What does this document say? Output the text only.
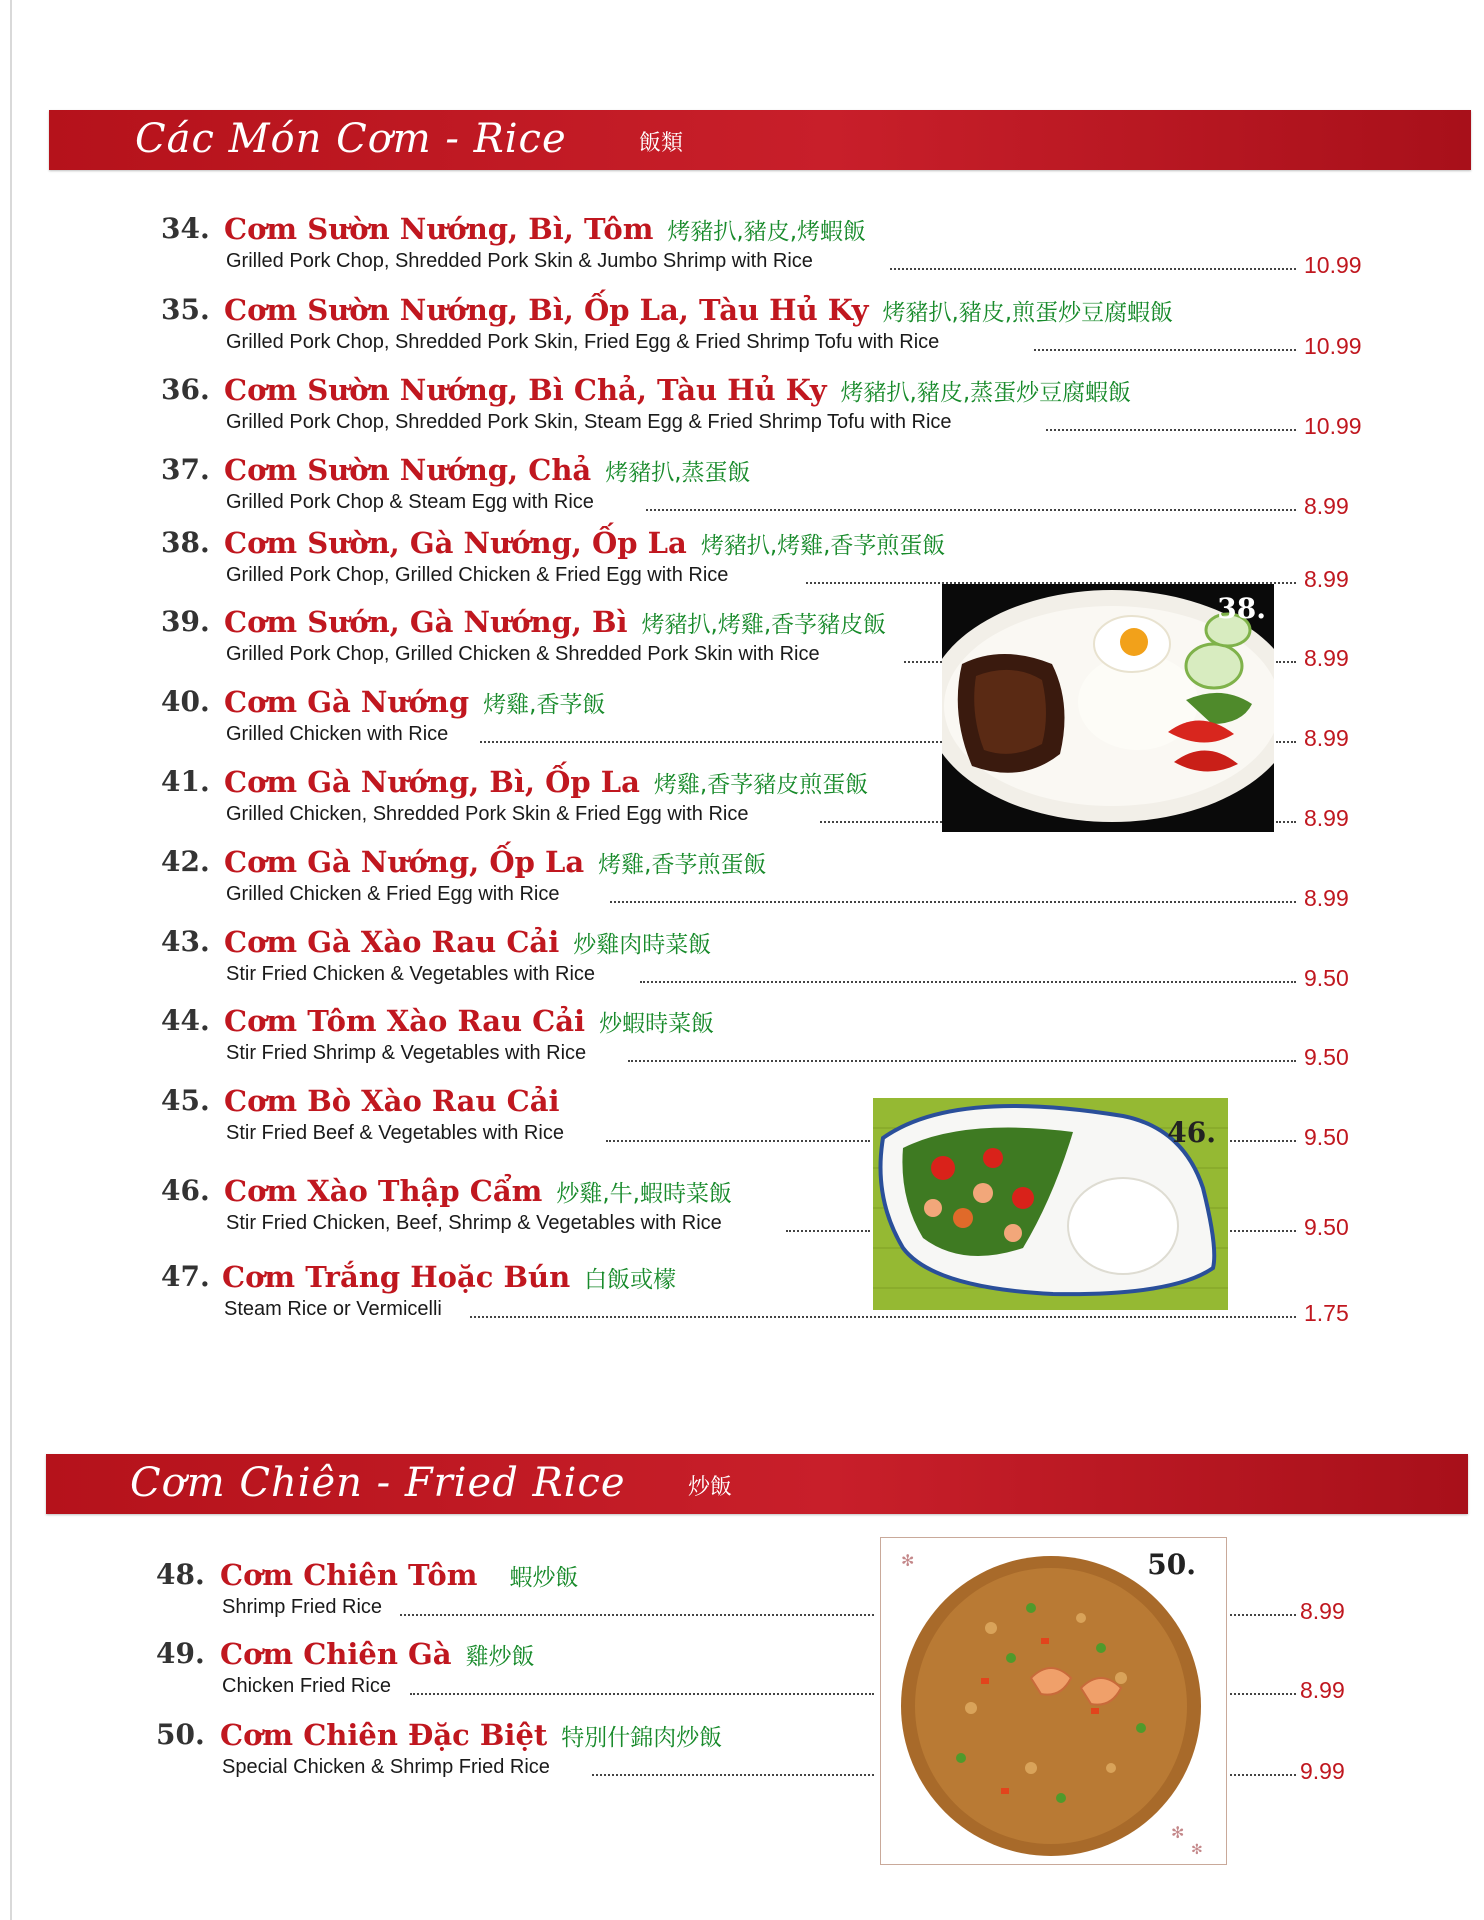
Các Món Cơm - Rice	飯類
Cơm Chiên - Fried Rice	炒飯
34. Cơm Sườn Nướng, Bì, Tôm 烤豬扒,豬皮,烤蝦飯
Grilled Pork Chop, Shredded Pork Skin & Jumbo Shrimp with Rice	10.99
35. Cơm Sườn Nướng, Bì, Ốp La, Tàu Hủ Ky 烤豬扒,豬皮,煎蛋炒豆腐蝦飯
Grilled Pork Chop, Shredded Pork Skin, Fried Egg & Fried Shrimp Tofu with Rice	10.99
36. Cơm Sườn Nướng, Bì Chả, Tàu Hủ Ky 烤豬扒,豬皮,蒸蛋炒豆腐蝦飯
Grilled Pork Chop, Shredded Pork Skin, Steam Egg & Fried Shrimp Tofu with Rice	10.99
37. Cơm Sườn Nướng, Chả 烤豬扒,蒸蛋飯
Grilled Pork Chop & Steam Egg with Rice	8.99
38. Cơm Sườn, Gà Nướng, Ốp La 烤豬扒,烤雞,香芧煎蛋飯
Grilled Pork Chop, Grilled Chicken & Fried Egg with Rice	8.99
39. Cơm Sướn, Gà Nướng, Bì 烤豬扒,烤雞,香芧豬皮飯
Grilled Pork Chop, Grilled Chicken & Shredded Pork Skin with Rice	8.99
40. Cơm Gà Nướng 烤雞,香芧飯
Grilled Chicken with Rice	8.99
41. Cơm Gà Nướng, Bì, Ốp La 烤雞,香芧豬皮煎蛋飯
Grilled Chicken, Shredded Pork Skin & Fried Egg with Rice	8.99
42. Cơm Gà Nướng, Ốp La 烤雞,香芧煎蛋飯
Grilled Chicken & Fried Egg with Rice	8.99
43. Cơm Gà Xào Rau Cải 炒雞肉時菜飯
Stir Fried Chicken & Vegetables with Rice	9.50
44. Cơm Tôm Xào Rau Cải 炒蝦時菜飯
Stir Fried Shrimp & Vegetables with Rice	9.50
45. Cơm Bò Xào Rau Cải
Stir Fried Beef & Vegetables with Rice	9.50
46. Cơm Xào Thập Cẩm 炒雞,牛,蝦時菜飯
Stir Fried Chicken, Beef, Shrimp & Vegetables with Rice	9.50
47. Cơm Trắng Hoặc Bún 白飯或檬
Steam Rice or Vermicelli	1.75
48. Cơm Chiên Tôm 蝦炒飯
Shrimp Fried Rice	8.99
49. Cơm Chiên Gà 雞炒飯
Chicken Fried Rice	8.99
50. Cơm Chiên Đặc Biệt 特別什錦肉炒飯
Special Chicken & Shrimp Fried Rice	9.99
38.
46.
✻
✻
✻
50.
